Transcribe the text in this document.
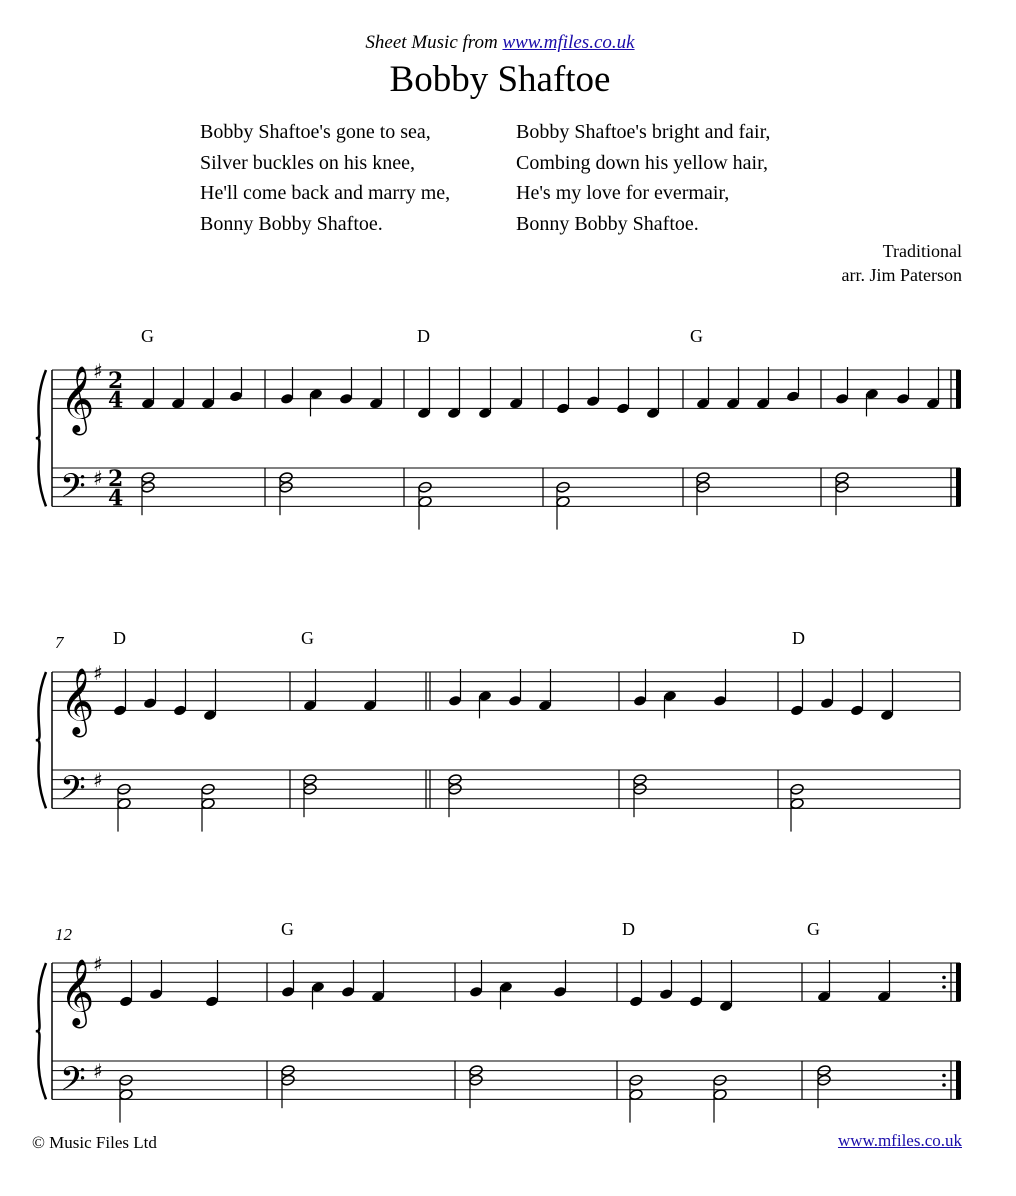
Sheet Music from www.mfiles.co.uk
Bobby Shaftoe
Bobby Shaftoe's gone to sea,
Silver buckles on his knee,
He'll come back and marry me,
Bonny Bobby Shaftoe.
Bobby Shaftoe's bright and fair,
Combing down his yellow hair,
He's my love for evermair,
Bonny Bobby Shaftoe.
Traditional
arr. Jim Paterson
G	D	G
7	D	G	D
12	G	D	G
𝄞
𝄢
♯
♯
2
4
2
4
𝄞
𝄢
♯
♯
𝄞
𝄢
♯
♯
© Music Files Ltd	www.mfiles.co.uk
